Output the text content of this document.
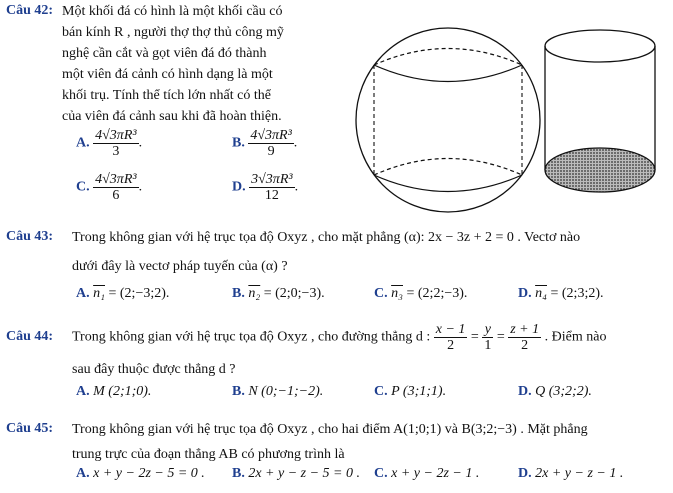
Câu 42: Một khối đá có hình là một khối cầu có
bán kính R , người thợ thợ thủ công mỹ
nghệ cần cắt và gọt viên đá đó thành
một viên đá cảnh có hình dạng là một
khối trụ. Tính thể tích lớn nhất có thể
của viên đá cảnh sau khi đã hoàn thiện.
A. $\frac{\text{4√3πR³}}{3}$ .	B. $\frac{\text{4√3πR³}}{9}$ .
C. $\frac{\text{4√3πR³}}{6}$ .	D. $\frac{\text{3√3πR³}}{12}$ .
Câu 43: Trong không gian với hệ trục tọa độ Oxyz , cho mặt phẳng (α): 2x − 3z + 2 = 0 . Vectơ nào
dưới đây là vectơ pháp tuyến của (α) ?
A. n₁ = (2;−3;2).	B. n₂ = (2;0;−3).	C. n₃ = (2;2;−3).	D. n₄ = (2;3;2).
Câu 44: Trong không gian với hệ trục tọa độ Oxyz , cho đường thẳng d : $\frac{x - 1}{2} = \frac{y}{1} = \frac{z + 1}{2}$ . Điểm nào
sau đây thuộc được thẳng d ?
A. M (2;1;0).	B. N (0;−1;−2).	C. P (3;1;1).	D. Q (3;2;2).
Câu 45: Trong không gian với hệ trục tọa độ Oxyz , cho hai điểm A(1;0;1) và B(3;2;−3) . Mặt phẳng
trung trực của đoạn thẳng AB có phương trình là
A. x + y − 2z − 5 = 0 . B. 2x + y − z − 5 = 0 . C. x + y − 2z − 1 .	D. 2x + y − z − 1 .
